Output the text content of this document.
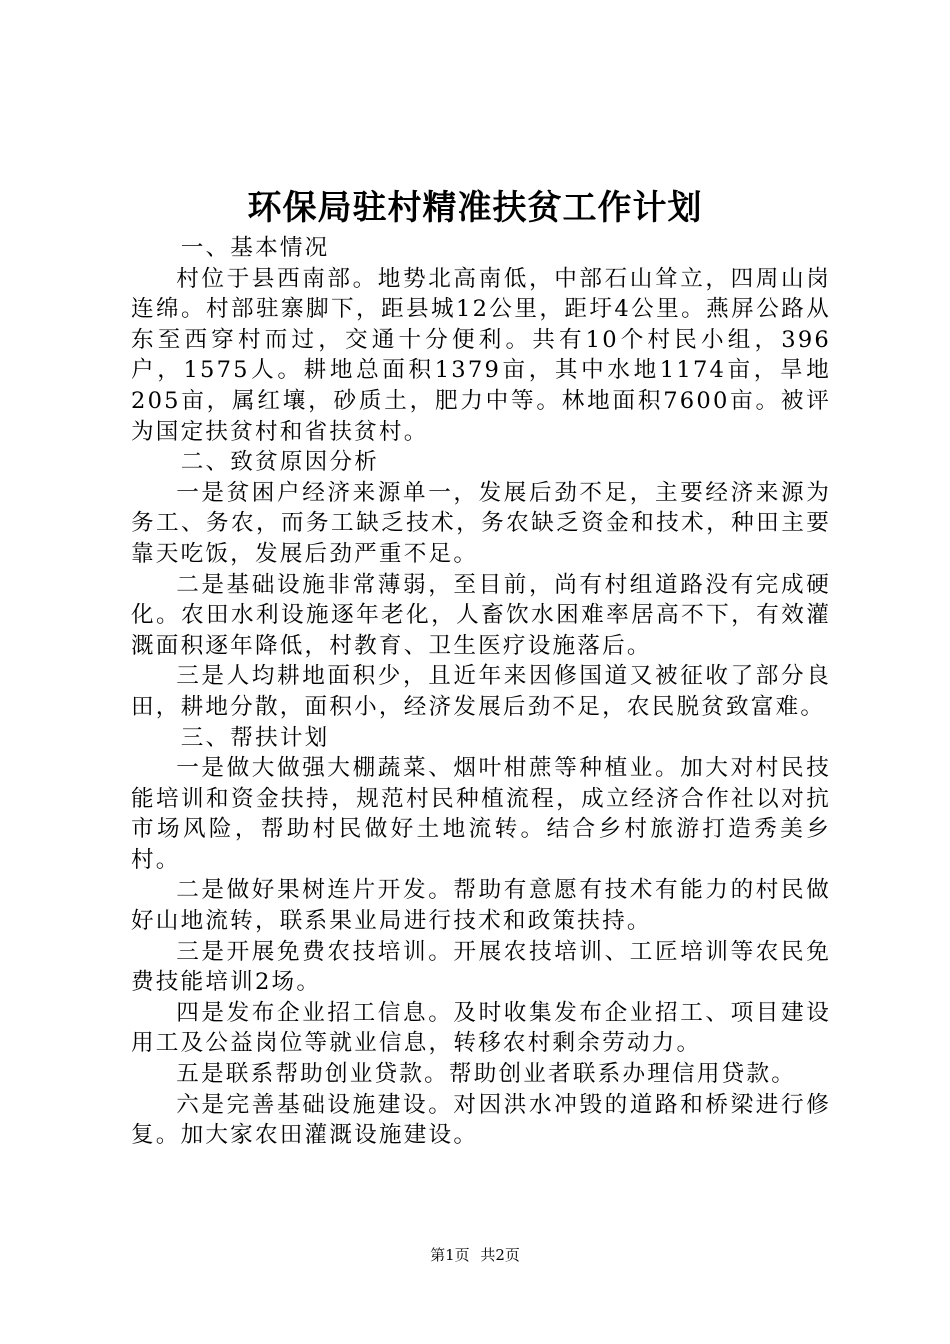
环保局驻村精准扶贫工作计划

一、基本情况

村位于县西南部。地势北高南低，中部石山耸立，四周山岗连绵。村部驻寨脚下，距县城12公里，距圩4公里。燕屏公路从东至西穿村而过，交通十分便利。共有10个村民小组，396户，1575人。耕地总面积1379亩，其中水地1174亩，旱地205亩，属红壤，砂质土，肥力中等。林地面积7600亩。被评为国定扶贫村和省扶贫村。

二、致贫原因分析

一是贫困户经济来源单一，发展后劲不足，主要经济来源为务工、务农，而务工缺乏技术，务农缺乏资金和技术，种田主要靠天吃饭，发展后劲严重不足。

二是基础设施非常薄弱，至目前，尚有村组道路没有完成硬化。农田水利设施逐年老化，人畜饮水困难率居高不下，有效灌溉面积逐年降低，村教育、卫生医疗设施落后。

三是人均耕地面积少，且近年来因修国道又被征收了部分良田，耕地分散，面积小，经济发展后劲不足，农民脱贫致富难。

三、帮扶计划

一是做大做强大棚蔬菜、烟叶柑蔗等种植业。加大对村民技能培训和资金扶持，规范村民种植流程，成立经济合作社以对抗市场风险，帮助村民做好土地流转。结合乡村旅游打造秀美乡村。

二是做好果树连片开发。帮助有意愿有技术有能力的村民做好山地流转，联系果业局进行技术和政策扶持。

三是开展免费农技培训。开展农技培训、工匠培训等农民免费技能培训2场。

四是发布企业招工信息。及时收集发布企业招工、项目建设用工及公益岗位等就业信息，转移农村剩余劳动力。

五是联系帮助创业贷款。帮助创业者联系办理信用贷款。

六是完善基础设施建设。对因洪水冲毁的道路和桥梁进行修复。加大家农田灌溉设施建设。

第1页 共2页
